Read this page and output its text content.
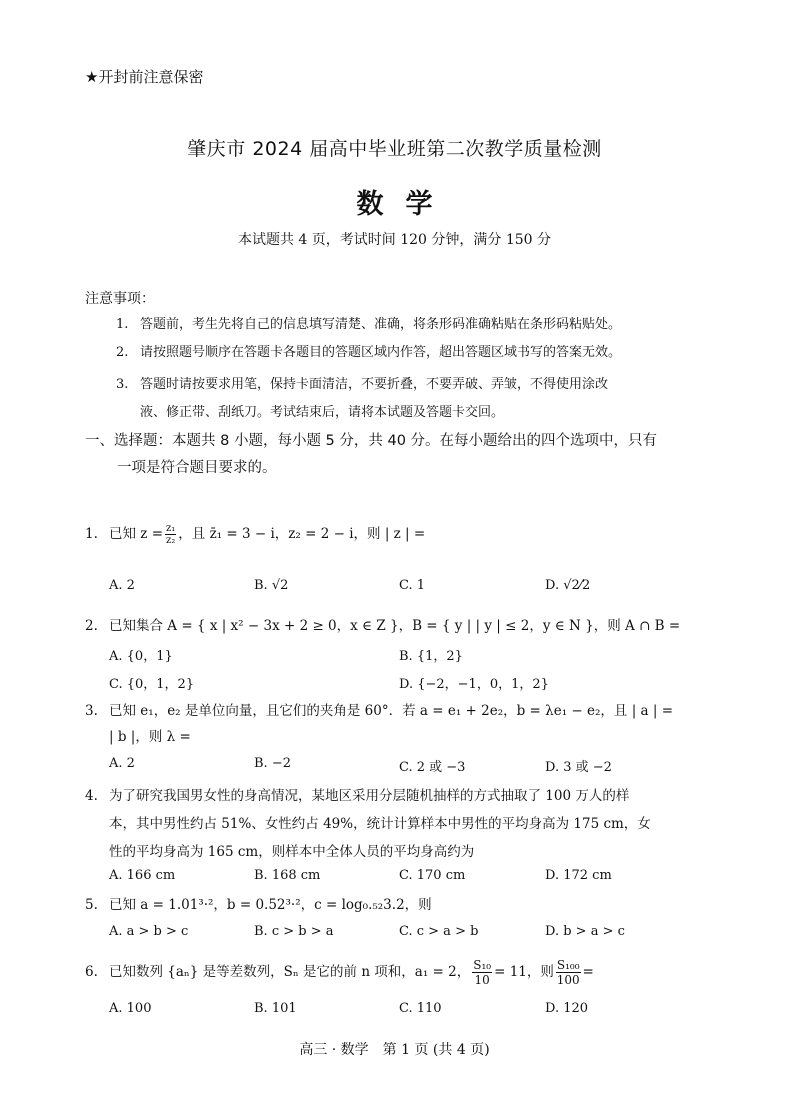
★开封前注意保密
肇庆市 2024 届高中毕业班第二次教学质量检测
数学
本试题共 4 页，考试时间 120 分钟，满分 150 分
注意事项：
1. 答题前，考生先将自己的信息填写清楚、准确，将条形码准确粘贴在条形码粘贴处。
2. 请按照题号顺序在答题卡各题目的答题区域内作答，超出答题区域书写的答案无效。
3. 答题时请按要求用笔，保持卡面清洁，不要折叠，不要弄破、弄皱，不得使用涂改
液、修正带、刮纸刀。考试结束后，请将本试题及答题卡交回。
一、选择题：本题共 8 小题，每小题 5 分，共 40 分。在每小题给出的四个选项中，只有
一项是符合题目要求的。
1. 已知 $z = \frac{\text{z₁}}{\text{z₂}}$ ，且 z̄₁ = 3 − i，z₂ = 2 − i，则 | z | =
A. 2	B. √2	C. 1	D. √2⁄2
2. 已知集合 A = { x | x² − 3x + 2 ≥ 0，x ∈ Z }，B = { y | | y | ≤ 2，y ∈ N }，则 A ∩ B =
A. {0，1}	B. {1，2}
C. {0，1，2}	D. {−2，−1，0，1，2}
3. 已知 e₁，e₂ 是单位向量，且它们的夹角是 60°．若 a = e₁ + 2e₂，b = λe₁ − e₂，且 | a | =
| b |，则 λ =
A. 2	B. −2	C. 2 或 −3	D. 3 或 −2
4. 为了研究我国男女性的身高情况，某地区采用分层随机抽样的方式抽取了 100 万人的样
本，其中男性约占 51%、女性约占 49%，统计计算样本中男性的平均身高为 175 cm，女
性的平均身高为 165 cm，则样本中全体人员的平均身高约为
A. 166 cm	B. 168 cm	C. 170 cm	D. 172 cm
5. 已知 a = 1.01³·²，b = 0.52³·²，c = log₀.₅₂3.2，则
A. a > b > c	B. c > b > a	C. c > a > b	D. b > a > c
6. 已知数列 {aₙ} 是等差数列，Sₙ 是它的前 n 项和，a₁ = 2， $\frac{\text{S₁₀}}{10} = 11$，则 $\frac{\text{S₁₀₀}}{100}$ =
A. 100	B. 101	C. 110	D. 120
高三 · 数学　第 1 页 (共 4 页)
